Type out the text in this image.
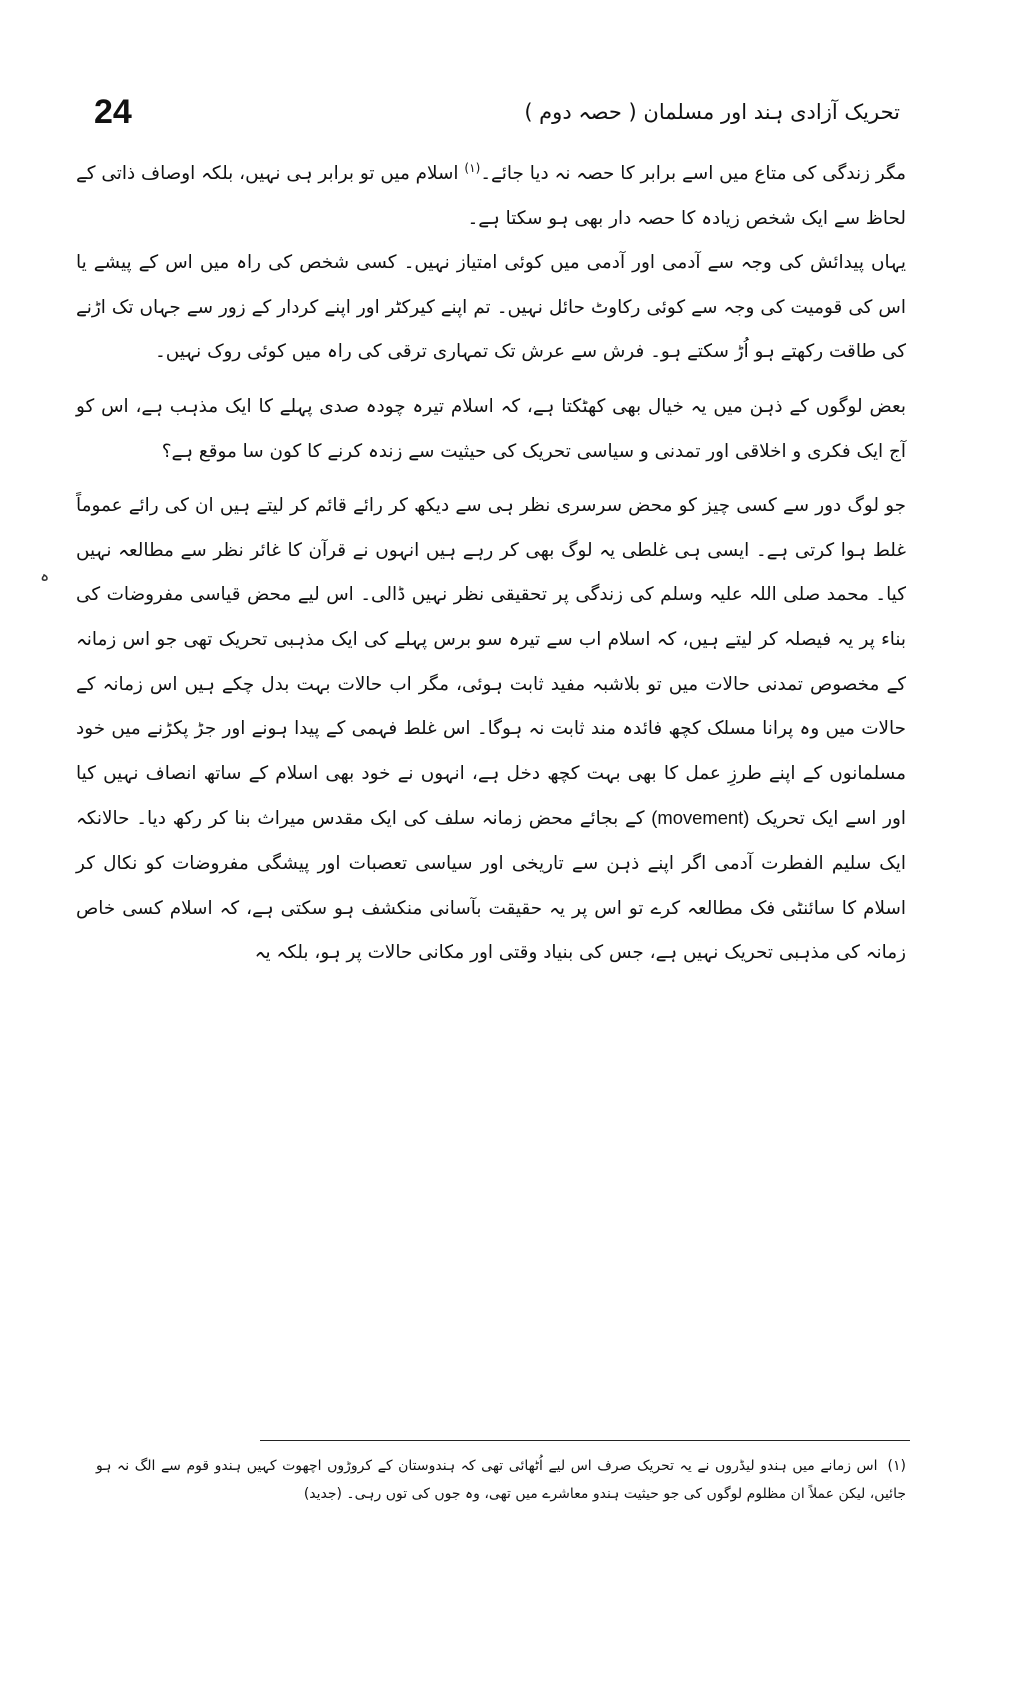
24	تحریک آزادی ہند اور مسلمان ( حصہ دوم )
ہ

مگر زندگی کی متاع میں اسے برابر کا حصہ نہ دیا جائے۔$^{(۱)}$ اسلام میں تو برابر ہی نہیں، بلکہ اوصاف ذاتی کے لحاظ سے ایک شخص زیادہ کا حصہ دار بھی ہو سکتا ہے۔

یہاں پیدائش کی وجہ سے آدمی اور آدمی میں کوئی امتیاز نہیں۔ کسی شخص کی راہ میں اس کے پیشے یا اس کی قومیت کی وجہ سے کوئی رکاوٹ حائل نہیں۔ تم اپنے کیرکٹر اور اپنے کردار کے زور سے جہاں تک اڑنے کی طاقت رکھتے ہو اُڑ سکتے ہو۔ فرش سے عرش تک تمہاری ترقی کی راہ میں کوئی روک نہیں۔

بعض لوگوں کے ذہن میں یہ خیال بھی کھٹکتا ہے، کہ اسلام تیرہ چودہ صدی پہلے کا ایک مذہب ہے، اس کو آج ایک فکری و اخلاقی اور تمدنی و سیاسی تحریک کی حیثیت سے زندہ کرنے کا کون سا موقع ہے؟

جو لوگ دور سے کسی چیز کو محض سرسری نظر ہی سے دیکھ کر رائے قائم کر لیتے ہیں ان کی رائے عموماً غلط ہوا کرتی ہے۔ ایسی ہی غلطی یہ لوگ بھی کر رہے ہیں انہوں نے قرآن کا غائر نظر سے مطالعہ نہیں کیا۔ محمد صلی اللہ علیہ وسلم کی زندگی پر تحقیقی نظر نہیں ڈالی۔ اس لیے محض قیاسی مفروضات کی بناء پر یہ فیصلہ کر لیتے ہیں، کہ اسلام اب سے تیرہ سو برس پہلے کی ایک مذہبی تحریک تھی جو اس زمانہ کے مخصوص تمدنی حالات میں تو بلاشبہ مفید ثابت ہوئی، مگر اب حالات بہت بدل چکے ہیں اس زمانہ کے حالات میں وہ پرانا مسلک کچھ فائدہ مند ثابت نہ ہوگا۔ اس غلط فہمی کے پیدا ہونے اور جڑ پکڑنے میں خود مسلمانوں کے اپنے طرزِ عمل کا بھی بہت کچھ دخل ہے، انہوں نے خود بھی اسلام کے ساتھ انصاف نہیں کیا اور اسے ایک تحریک (movement) کے بجائے محض زمانہ سلف کی ایک مقدس میراث بنا کر رکھ دیا۔ حالانکہ ایک سلیم الفطرت آدمی اگر اپنے ذہن سے تاریخی اور سیاسی تعصبات اور پیشگی مفروضات کو نکال کر اسلام کا سائنٹی فک مطالعہ کرے تو اس پر یہ حقیقت بآسانی منکشف ہو سکتی ہے، کہ اسلام کسی خاص زمانہ کی مذہبی تحریک نہیں ہے، جس کی بنیاد وقتی اور مکانی حالات پر ہو، بلکہ یہ

(۱)اس زمانے میں ہندو لیڈروں نے یہ تحریک صرف اس لیے اُٹھائی تھی کہ ہندوستان کے کروڑوں اچھوت کہیں ہندو قوم سے الگ نہ ہو جائیں، لیکن عملاً ان مظلوم لوگوں کی جو حیثیت ہندو معاشرے میں تھی، وہ جوں کی توں رہی۔ (جدید)
